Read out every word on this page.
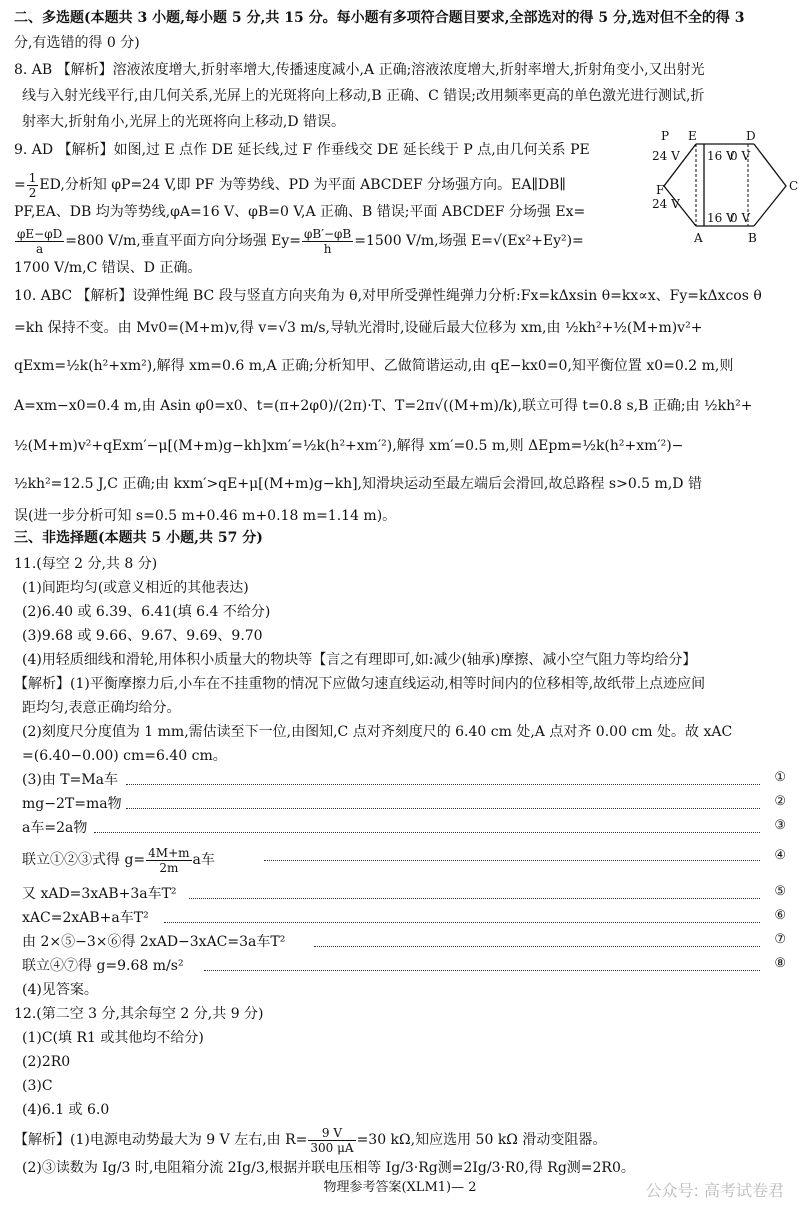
二、多选题(本题共 3 小题,每小题 5 分,共 15 分。每小题有多项符合题目要求,全部选对的得 5 分,选对但不全的得 3
分,有选错的得 0 分)
8. AB 【解析】溶液浓度增大,折射率增大,传播速度减小,A 正确;溶液浓度增大,折射率增大,折射角变小,又出射光
线与入射光线平行,由几何关系,光屏上的光斑将向上移动,B 正确、C 错误;改用频率更高的单色激光进行测试,折
射率大,折射角小,光屏上的光斑将向上移动,D 错误。
9. AD 【解析】如图,过 E 点作 DE 延长线,过 F 作垂线交 DE 延长线于 P 点,由几何关系 PE
= $\frac{1}{2}$ ED,分析知 φP=24 V,即 PF 为等势线、PD 为平面 ABCDEF 分场强方向。EA∥DB∥
PF,EA、DB 均为等势线,φA=16 V、φB=0 V,A 正确、B 错误;平面 ABCDEF 分场强 Ex=
$\frac{\varphi E-\varphi D}{a} =800$ V/m,垂直平面方向分场强 $Ey= \frac{\varphi B'-\varphi B}{h} =1500$ V/m,场强 E=√(Ex²+Ey²)=
1700 V/m,C 错误、D 正确。
10. ABC 【解析】设弹性绳 BC 段与竖直方向夹角为 θ,对甲所受弹性绳弹力分析:Fx=kΔxsin θ=kx∝x、Fy=kΔxcos θ
=kh 保持不变。由 Mv0=(M+m)v,得 v=√3 m/s,导轨光滑时,设碰后最大位移为 xm,由 ½kh²+½(M+m)v²+
qExm=½k(h²+xm²),解得 xm=0.6 m,A 正确;分析知甲、乙做简谐运动,由 qE−kx0=0,知平衡位置 x0=0.2 m,则
A=xm−x0=0.4 m,由 Asin φ0=x0、t=(π+2φ0)/(2π)·T、T=2π√((M+m)/k),联立可得 t=0.8 s,B 正确;由 ½kh²+
½(M+m)v²+qExm′−μ[(M+m)g−kh]xm′=½k(h²+xm′²),解得 xm′=0.5 m,则 ΔEpm=½k(h²+xm′²)−
½kh²=12.5 J,C 正确;由 kxm′>qE+μ[(M+m)g−kh],知滑块运动至最左端后会滑回,故总路程 s>0.5 m,D 错
误(进一步分析可知 s=0.5 m+0.46 m+0.18 m=1.14 m)。
三、非选择题(本题共 5 小题,共 57 分)
11.(每空 2 分,共 8 分)
(1)间距均匀(或意义相近的其他表达)
(2)6.40 或 6.39、6.41(填 6.4 不给分)
(3)9.68 或 9.66、9.67、9.69、9.70
(4)用轻质细线和滑轮,用体积小质量大的物块等【言之有理即可,如:减少(轴承)摩擦、减小空气阻力等均给分】
【解析】(1)平衡摩擦力后,小车在不挂重物的情况下应做匀速直线运动,相等时间内的位移相等,故纸带上点迹应间
距均匀,表意正确均给分。
(2)刻度尺分度值为 1 mm,需估读至下一位,由图知,C 点对齐刻度尺的 6.40 cm 处,A 点对齐 0.00 cm 处。故 xAC
=(6.40−0.00) cm=6.40 cm。
(3)由 T=Ma车	①
mg−2T=ma物	②
a车=2a物	③
联立①②③式得 $g= \frac{4M+m}{2m}$ a车	④
又 xAD=3xAB+3a车T²	⑤
xAC=2xAB+a车T²	⑥
由 2×⑤−3×⑥得 2xAD−3xAC=3a车T²	⑦
联立④⑦得 g=9.68 m/s²	⑧
(4)见答案。
12.(第二空 3 分,其余每空 2 分,共 9 分)
(1)C(填 R1 或其他均不给分)
(2)2R0
(3)C
(4)6.1 或 6.0
【解析】(1)电源电动势最大为 9 V 左右,由 $R= \frac{9 V}{300 \mu A} =30$ kΩ,知应选用 50 kΩ 滑动变阻器。
(2)③读数为 Ig/3 时,电阻箱分流 2Ig/3,根据并联电压相等 Ig/3·Rg测=2Ig/3·R0,得 Rg测=2R0。
P E	D
F	C
A	B
24 V
24 V
16 V
0 V
16 V
0 V
物理参考答案(XLM1)— 2	公众号: 高考试卷君
